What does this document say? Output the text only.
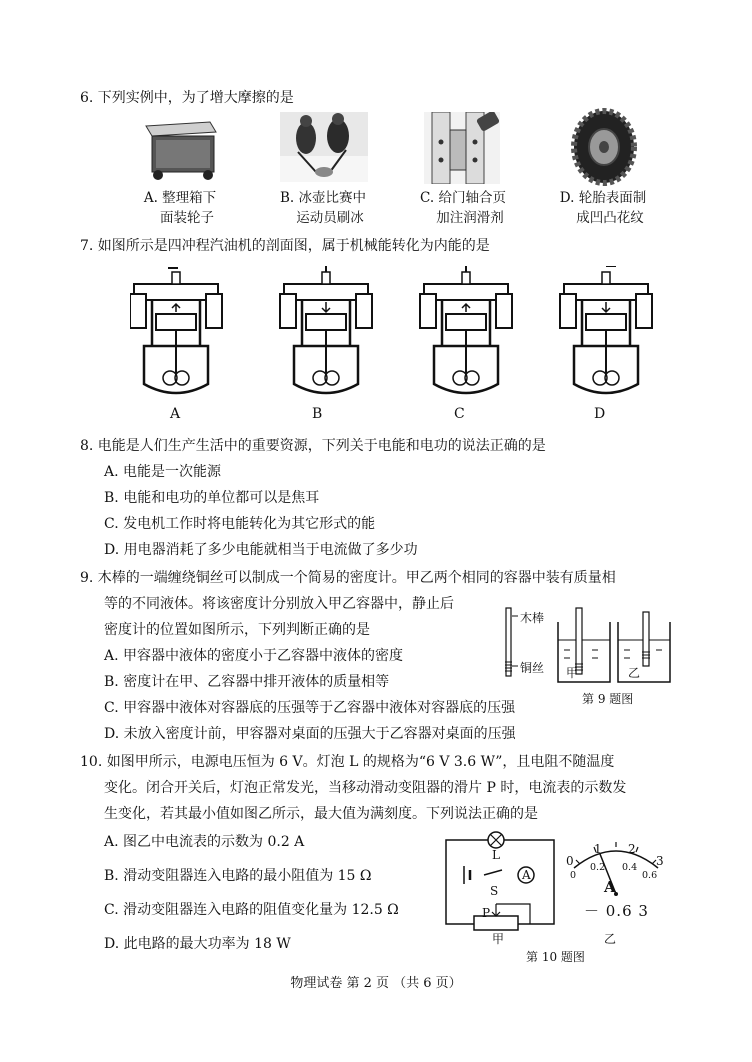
6. 下列实例中，为了增大摩擦的是
A. 整理箱下
面装轮子
B. 冰壶比赛中
运动员刷冰
C. 给门轴合页
加注润滑剂
D. 轮胎表面制
成凹凸花纹
7. 如图所示是四冲程汽油机的剖面图，属于机械能转化为内能的是
A	B	C	D
8. 电能是人们生产生活中的重要资源，下列关于电能和电功的说法正确的是
A. 电能是一次能源
B. 电能和电功的单位都可以是焦耳
C. 发电机工作时将电能转化为其它形式的能
D. 用电器消耗了多少电能就相当于电流做了多少功
9. 木棒的一端缠绕铜丝可以制成一个简易的密度计。甲乙两个相同的容器中装有质量相
等的不同液体。将该密度计分别放入甲乙容器中，静止后
密度计的位置如图所示，下列判断正确的是
A. 甲容器中液体的密度小于乙容器中液体的密度
B. 密度计在甲、乙容器中排开液体的质量相等
C. 甲容器中液体对容器底的压强等于乙容器中液体对容器底的压强
D. 未放入密度计前，甲容器对桌面的压强大于乙容器对桌面的压强
木棒
铜丝 甲	乙
第 9 题图
10. 如图甲所示，电源电压恒为 6 V。灯泡 L 的规格为“6 V 3.6 W”，且电阻不随温度
变化。闭合开关后，灯泡正常发光，当移动滑动变阻器的滑片 P 时，电流表的示数发
生变化，若其最小值如图乙所示，最大值为满刻度。下列说法正确的是
A. 图乙中电流表的示数为 0.2 A
B. 滑动变阻器连入电路的最小阻值为 15 Ω
C. 滑动变阻器连入电路的阻值变化量为 12.5 Ω
D. 此电路的最大功率为 18 W
L
S
A
P
甲
0
1 2
3
0
0.2 0.4
0.6
A
－ 0.6 3
乙
第 10 题图
物理试卷 第 2 页 （共 6 页）
